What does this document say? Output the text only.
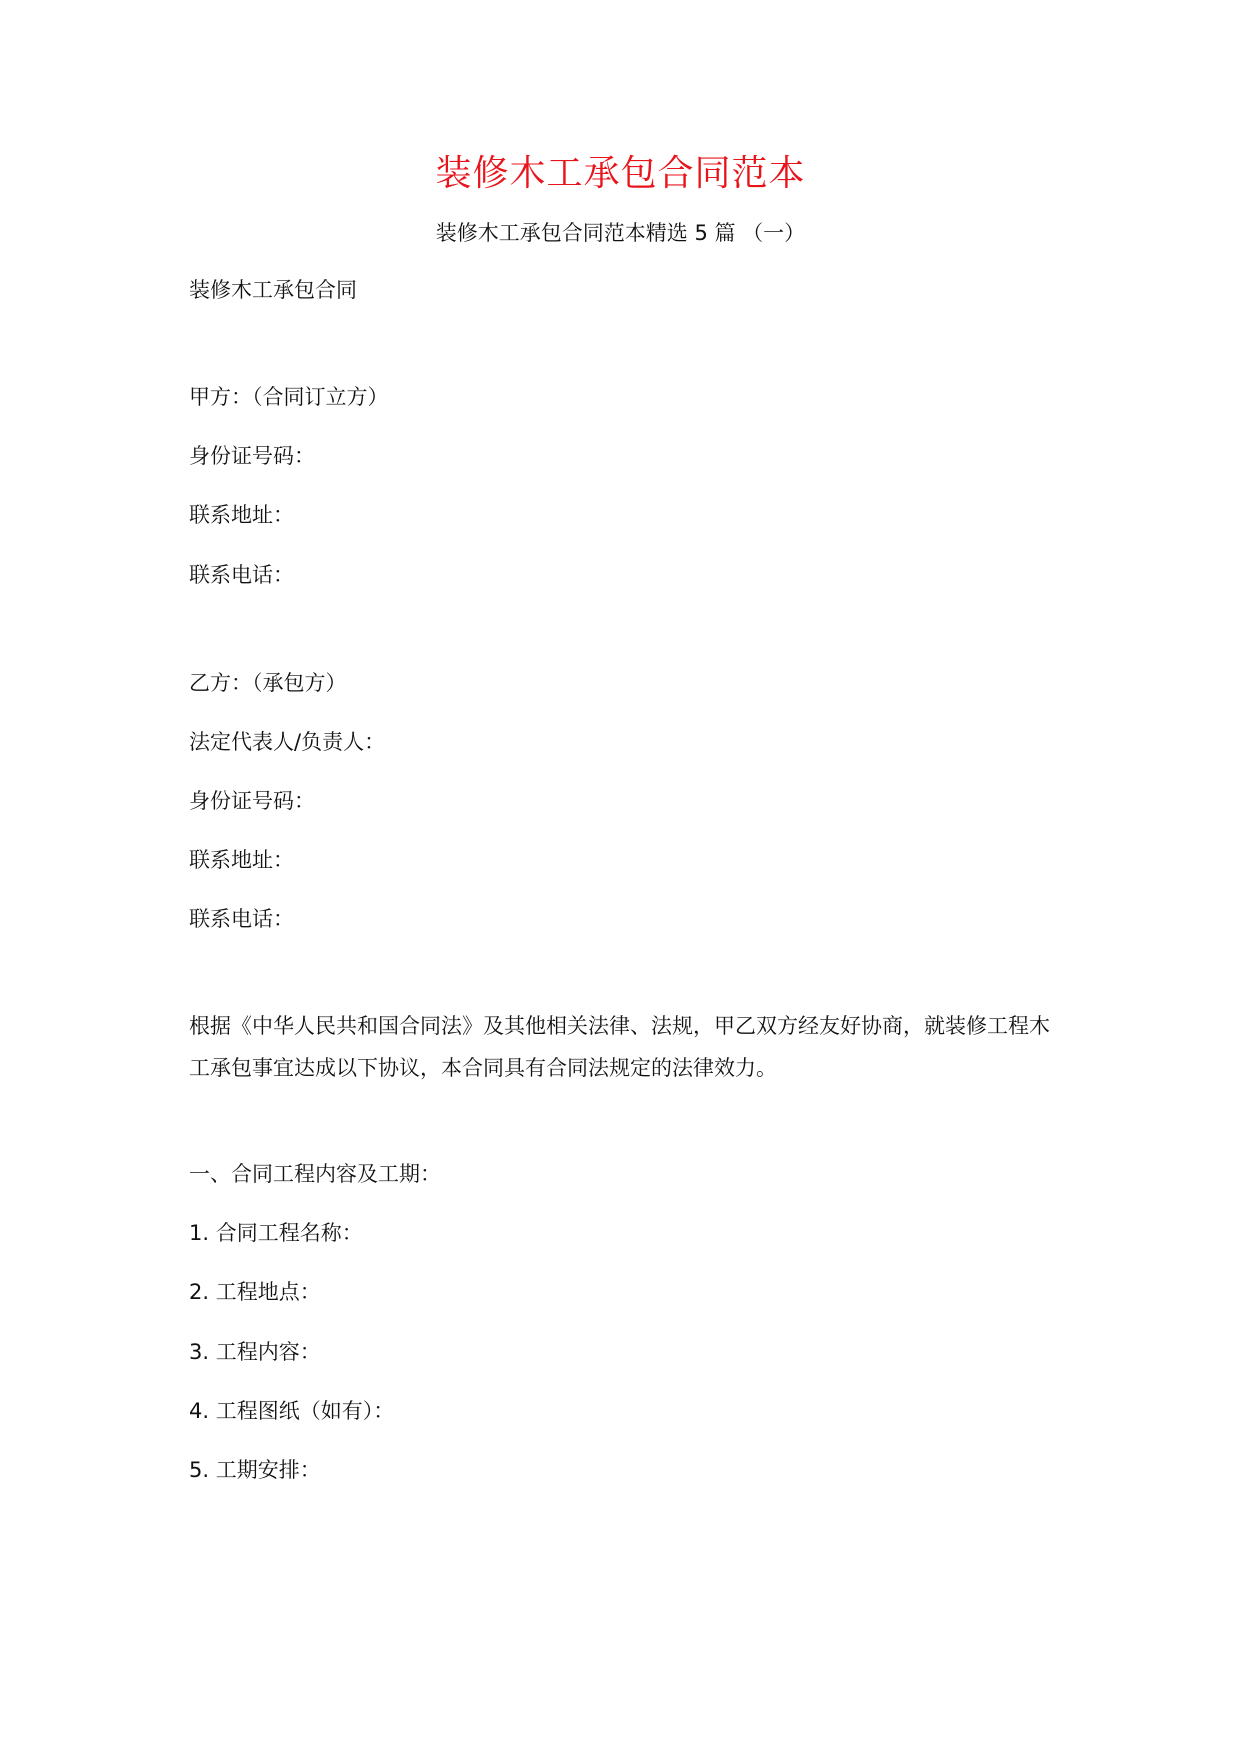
装修木工承包合同范本
装修木工承包合同范本精选 5 篇 （一）
装修木工承包合同
甲方：（合同订立方）
身份证号码：
联系地址：
联系电话：
乙方：（承包方）
法定代表人/负责人：
身份证号码：
联系地址：
联系电话：
根据《中华人民共和国合同法》及其他相关法律、法规，甲乙双方经友好协商，就装修工程木工承包事宜达成以下协议，本合同具有合同法规定的法律效力。
一、合同工程内容及工期：
1. 合同工程名称：
2. 工程地点：
3. 工程内容：
4. 工程图纸（如有）：
5. 工期安排：
